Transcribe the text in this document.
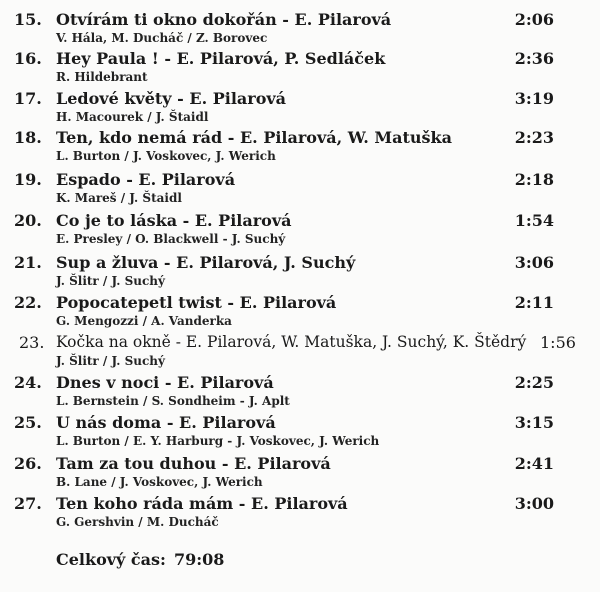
15. Otvírám ti okno dokořán - E. Pilarová	2:06
V. Hála, M. Ducháč / Z. Borovec
16. Hey Paula ! - E. Pilarová, P. Sedláček	2:36
R. Hildebrant
17. Ledové květy - E. Pilarová	3:19
H. Macourek / J. Štaidl
18. Ten, kdo nemá rád - E. Pilarová, W. Matuška	2:23
L. Burton / J. Voskovec, J. Werich
19. Espado - E. Pilarová	2:18
K. Mareš / J. Štaidl
20. Co je to láska - E. Pilarová	1:54
E. Presley / O. Blackwell - J. Suchý
21. Sup a žluva - E. Pilarová, J. Suchý	3:06
J. Šlitr / J. Suchý
22. Popocatepetl twist - E. Pilarová	2:11
G. Mengozzi / A. Vanderka
23. Kočka na okně - E. Pilarová, W. Matuška, J. Suchý, K. Štědrý 1:56
J. Šlitr / J. Suchý
24. Dnes v noci - E. Pilarová	2:25
L. Bernstein / S. Sondheim - J. Aplt
25. U nás doma - E. Pilarová	3:15
L. Burton / E. Y. Harburg - J. Voskovec, J. Werich
26. Tam za tou duhou - E. Pilarová	2:41
B. Lane / J. Voskovec, J. Werich
27. Ten koho ráda mám - E. Pilarová	3:00
G. Gershvin / M. Ducháč
Celkový čas: 79:08
